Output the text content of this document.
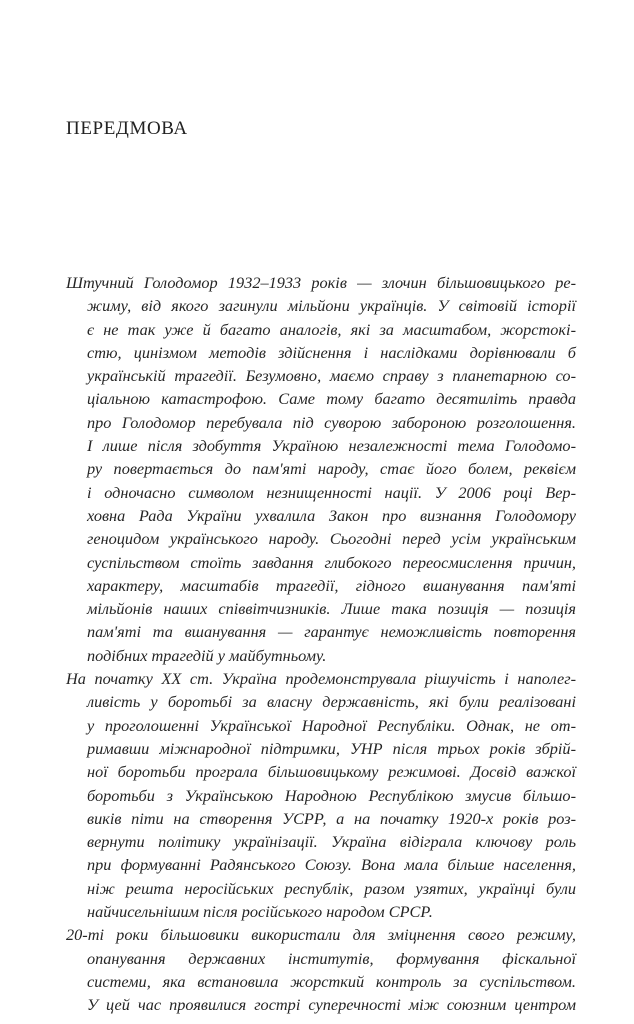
ПЕРЕДМОВА
Штучний Голодомор 1932–1933 років — злочин більшовицького ре-
жиму, від якого загинули мільйони українців. У світовій історії
є не так уже й багато аналогів, які за масштабом, жорстокі-
стю, цинізмом методів здійснення і наслідками дорівнювали б
українській трагедії. Безумовно, маємо справу з планетарною со-
ціальною катастрофою. Саме тому багато десятиліть правда
про Голодомор перебувала під суворою забороною розголошення.
І лише після здобуття Україною незалежності тема Голодомо-
ру повертається до пам'яті народу, стає його болем, реквієм
і одночасно символом незнищенності нації. У 2006 році Вер-
ховна Рада України ухвалила Закон про визнання Голодомору
геноцидом українського народу. Сьогодні перед усім українським
суспільством стоїть завдання глибокого переосмислення причин,
характеру, масштабів трагедії, гідного вшанування пам'яті
мільйонів наших співвітчизників. Лише така позиція — позиція
пам'яті та вшанування — гарантує неможливість повторення
подібних трагедій у майбутньому.
На початку ХХ ст. Україна продемонструвала рішучість і наполег-
ливість у боротьбі за власну державність, які були реалізовані
у проголошенні Української Народної Республіки. Однак, не от-
римавши міжнародної підтримки, УНР після трьох років збрій-
ної боротьби програла більшовицькому режимові. Досвід важкої
боротьби з Українською Народною Республікою змусив більшо-
виків піти на створення УСРР, а на початку 1920-х років роз-
вернути політику українізації. Україна відіграла ключову роль
при формуванні Радянського Союзу. Вона мала більше населення,
ніж решта неросійських республік, разом узятих, українці були
найчисельнішим після російського народом СРСР.
20-ті роки більшовики використали для зміцнення свого режиму,
опанування державних інститутів, формування фіскальної
системи, яка встановила жорсткий контроль за суспільством.
У цей час проявилися гострі суперечності між союзним центром
